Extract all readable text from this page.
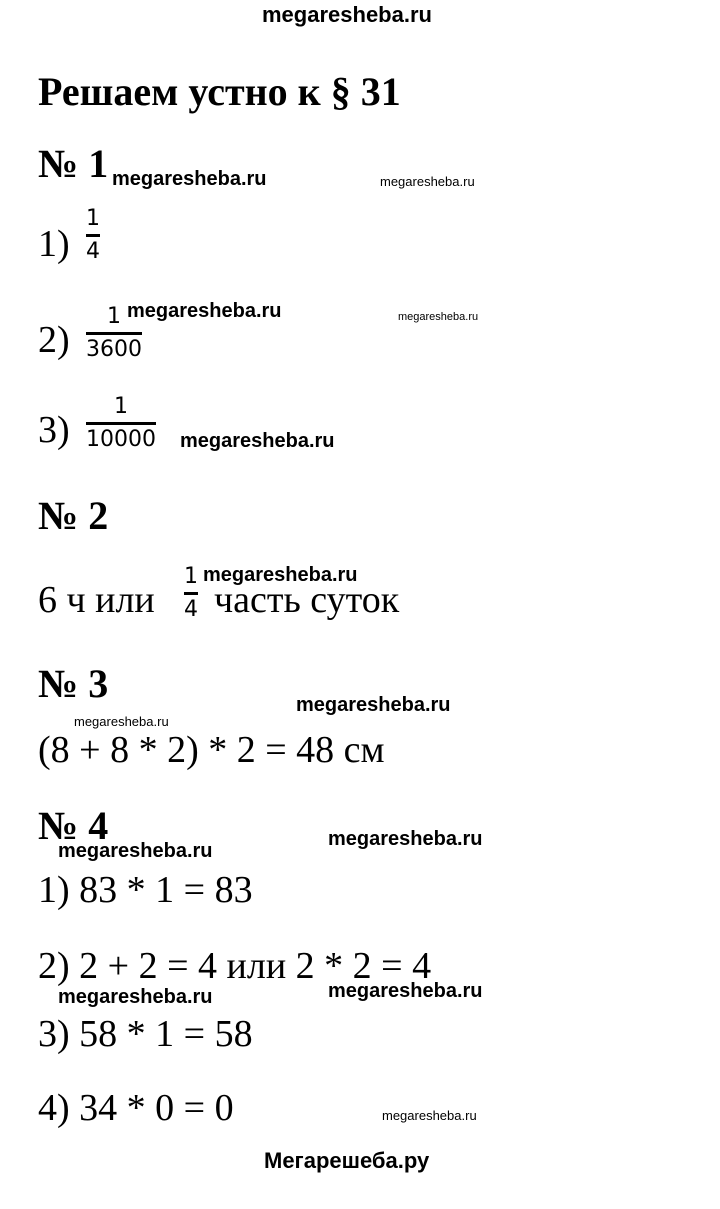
megaresheba.ru
Решаем устно к § 31
№ 1 megaresheba.ru	megaresheba.ru
1)
1
4
2)
1
3600
megaresheba.ru	megaresheba.ru
3)
1
10000 megaresheba.ru
№ 2
6 ч или
1
4 часть суток
megaresheba.ru
№ 3	megaresheba.ru
megaresheba.ru
(8 + 8 * 2) * 2 = 48 см
№ 4	megaresheba.ru
megaresheba.ru
1) 83 * 1 = 83
2) 2 + 2 = 4 или 2 * 2 = 4
megaresheba.ru	megaresheba.ru
3) 58 * 1 = 58
4) 34 * 0 = 0	megaresheba.ru
Мегарешеба.ру
